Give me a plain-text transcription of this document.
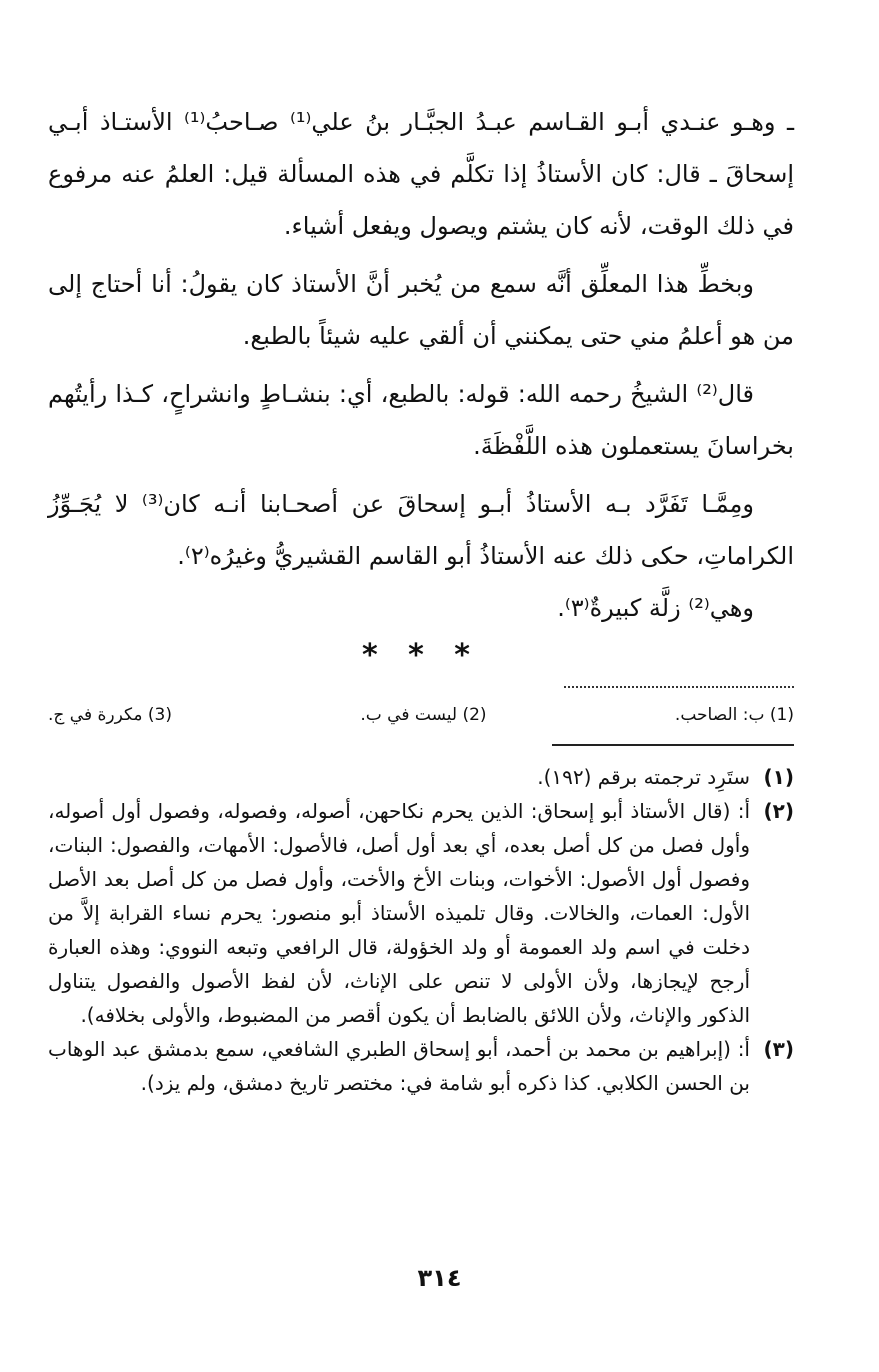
ـ وهـو عنـدي أبـو القـاسم عبـدُ الجبَّـار بنُ علي⁽¹⁾ صـاحبُ⁽¹⁾ الأستـاذ أبـي إسحاقَ ـ قال: كان الأستاذُ إذا تكلَّم في هذه المسألة قيل: العلمُ عنه مرفوع في ذلك الوقت، لأنه كان يشتم ويصول ويفعل أشياء.

وبخطِّ هذا المعلِّق أنَّه سمع من يُخبر أنَّ الأستاذ كان يقولُ: أنا أحتاج إلى من هو أعلمُ مني حتى يمكنني أن ألقي عليه شيئاً بالطبع.

قال⁽²⁾ الشيخُ رحمه الله: قوله: بالطبع، أي: بنشـاطٍ وانشراحٍ، كـذا رأيتُهم بخراسانَ يستعملون هذه اللَّفْظَةَ.

ومِمَّـا تَفَرَّد بـه الأستاذُ أبـو إسحاقَ عن أصحـابنا أنـه كان⁽³⁾ لا يُجَـوِّزُ الكراماتِ، حكى ذلك عنه الأستاذُ أبو القاسم القشيريُّ وغيرُه⁽٢⁾.

وهي⁽²⁾ زلَّة كبيرةٌ⁽٣⁾.

* * *
(1) ب: الصاحب.
(2) ليست في ب.
(3) مكررة في ج.
(١)
ستَرِد ترجمته برقم (١٩٢).
(٢)
أ: (قال الأستاذ أبو إسحاق: الذين يحرم نكاحهن، أصوله، وفصوله، وفصول أول أصوله، وأول فصل من كل أصل بعده، أي بعد أول أصل، فالأصول: الأمهات، والفصول: البنات، وفصول أول الأصول: الأخوات، وبنات الأخ والأخت، وأول فصل من كل أصل بعد الأصل الأول: العمات، والخالات. وقال تلميذه الأستاذ أبو منصور: يحرم نساء القرابة إلاَّ من دخلت في اسم ولد العمومة أو ولد الخؤولة، قال الرافعي وتبعه النووي: وهذه العبارة أرجح لإيجازها، ولأن الأولى لا تنص على الإناث، لأن لفظ الأصول والفصول يتناول الذكور والإناث، ولأن اللائق بالضابط أن يكون أقصر من المضبوط، والأولى بخلافه).
(٣)
أ: (إبراهيم بن محمد بن أحمد، أبو إسحاق الطبري الشافعي، سمع بدمشق عبد الوهاب بن الحسن الكلابي. كذا ذكره أبو شامة في: مختصر تاريخ دمشق، ولم يزد).
٣١٤
